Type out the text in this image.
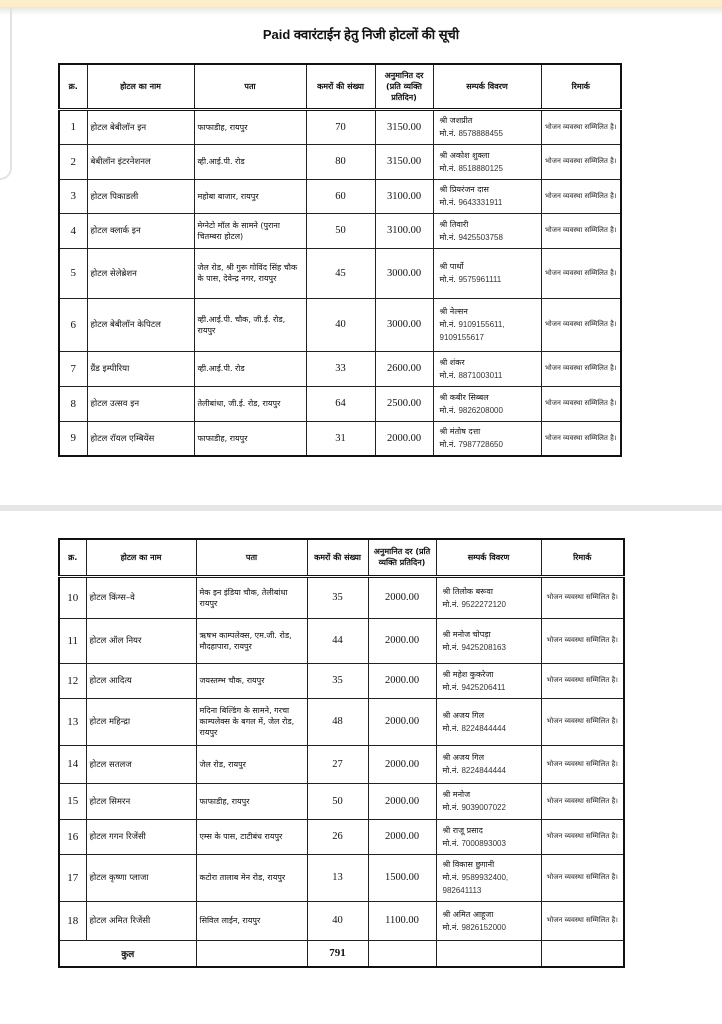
Paid क्वारंटाईन हेतु निजी होटलों की सूची
क्र.	होटल का नाम	पता	कमरों की संख्या	अनुमानित दर (प्रति व्यक्ति प्रतिदिन)	सम्पर्क विवरण	रिमार्क
1	होटल बेबीलॉन इन	फाफाडीह, रायपुर	70	3150.00	श्री जशप्रीत
मो.नं. 8578888455	भोजन व्यवस्था सम्मिलित है।
2	बेबीलॉन इंटरनेशनल	व्ही.आई.पी. रोड	80	3150.00	श्री अकोश शुक्ला
मो.नं. 8518880125	भोजन व्यवस्था सम्मिलित है।
3	होटल पिकाडली	महोबा बाजार, रायपुर	60	3100.00	श्री प्रियरंजन दास
मो.नं. 9643331911	भोजन व्यवस्था सम्मिलित है।
4	होटल क्लार्क इन	मेग्नेटो मॉल के सामने (पुराना चितम्बरा होटल)	50	3100.00	श्री तिवारी
मो.नं. 9425503758	भोजन व्यवस्था सम्मिलित है।
5	होटल सेलेब्रेशन	जेल रोड, श्री गुरू गोविंद सिंह चौक के पास, देवेन्द्र नगर, रायपुर	45	3000.00	श्री पार्थो
मो.नं. 9575961111	भोजन व्यवस्था सम्मिलित है।
6	होटल बेबीलॉन केपिटल	व्ही.आई.पी. चौक, जी.ई. रोड, रायपुर	40	3000.00	श्री नेल्सन
मो.नं. 9109155611,
9109155617	भोजन व्यवस्था सम्मिलित है।
7	ग्रैंड इम्पीरिया	व्ही.आई.पी. रोड	33	2600.00	श्री शंकर
मो.नं. 8871003011	भोजन व्यवस्था सम्मिलित है।
8	होटल उत्सव इन	तेलीबांधा, जी.ई. रोड, रायपुर	64	2500.00	श्री कबीर सिब्बल
मो.नं. 9826208000	भोजन व्यवस्था सम्मिलित है।
9	होटल रॉयल एम्बियेंस	फाफाडीह, रायपुर	31	2000.00	श्री मंतोष दत्ता
मो.नं. 7987728650	भोजन व्यवस्था सम्मिलित है।
क्र.	होटल का नाम	पता	कमरों की संख्या	अनुमानित दर (प्रति व्यक्ति प्रतिदिन)	सम्पर्क विवरण	रिमार्क
10	होटल किंग्स–वे	मेक इन इंडिया चौक, तेलीबांधा रायपुर	35	2000.00	श्री तिलोक बरूवा
मो.नं. 9522272120	भोजन व्यवस्था सम्मिलित है।
11	होटल ऑल नियर	ऋषभ काम्पलेक्स, एम.जी. रोड, मौदहापारा, रायपुर	44	2000.00	श्री मनोज चोपड़ा
मो.नं. 9425208163	भोजन व्यवस्था सम्मिलित है।
12	होटल आदित्य	जयस्तम्भ चौक, रायपुर	35	2000.00	श्री महेश कुकरेजा
मो.नं. 9425206411	भोजन व्यवस्था सम्मिलित है।
13	होटल महिन्द्रा	मदिना बिल्डिंग के सामने, गरचा काम्पलेक्स के बगल में, जेल रोड, रायपुर	48	2000.00	श्री अजय गिल
मो.नं. 8224844444	भोजन व्यवस्था सम्मिलित है।
14	होटल सतलज	जेल रोड, रायपुर	27	2000.00	श्री अजय गिल
मो.नं. 8224844444	भोजन व्यवस्था सम्मिलित है।
15	होटल सिमरन	फाफाडीह, रायपुर	50	2000.00	श्री मनोज
मो.नं. 9039007022	भोजन व्यवस्था सम्मिलित है।
16	होटल गगन रिजेंसी	एम्स के पास, टाटीबंध रायपुर	26	2000.00	श्री राजू प्रसाद
मो.नं. 7000893003	भोजन व्यवस्था सम्मिलित है।
17	होटल कृष्णा प्लाजा	कटोरा तालाब मेन रोड, रायपुर	13	1500.00	श्री विकास छुगानी
मो.नं. 9589932400,
982641113	भोजन व्यवस्था सम्मिलित है।
18	होटल अमित रिजेंसी	सिविल लाईन, रायपुर	40	1100.00	श्री अमित आहूजा
मो.नं. 9826152000	भोजन व्यवस्था सम्मिलित है।
कुल			791			
